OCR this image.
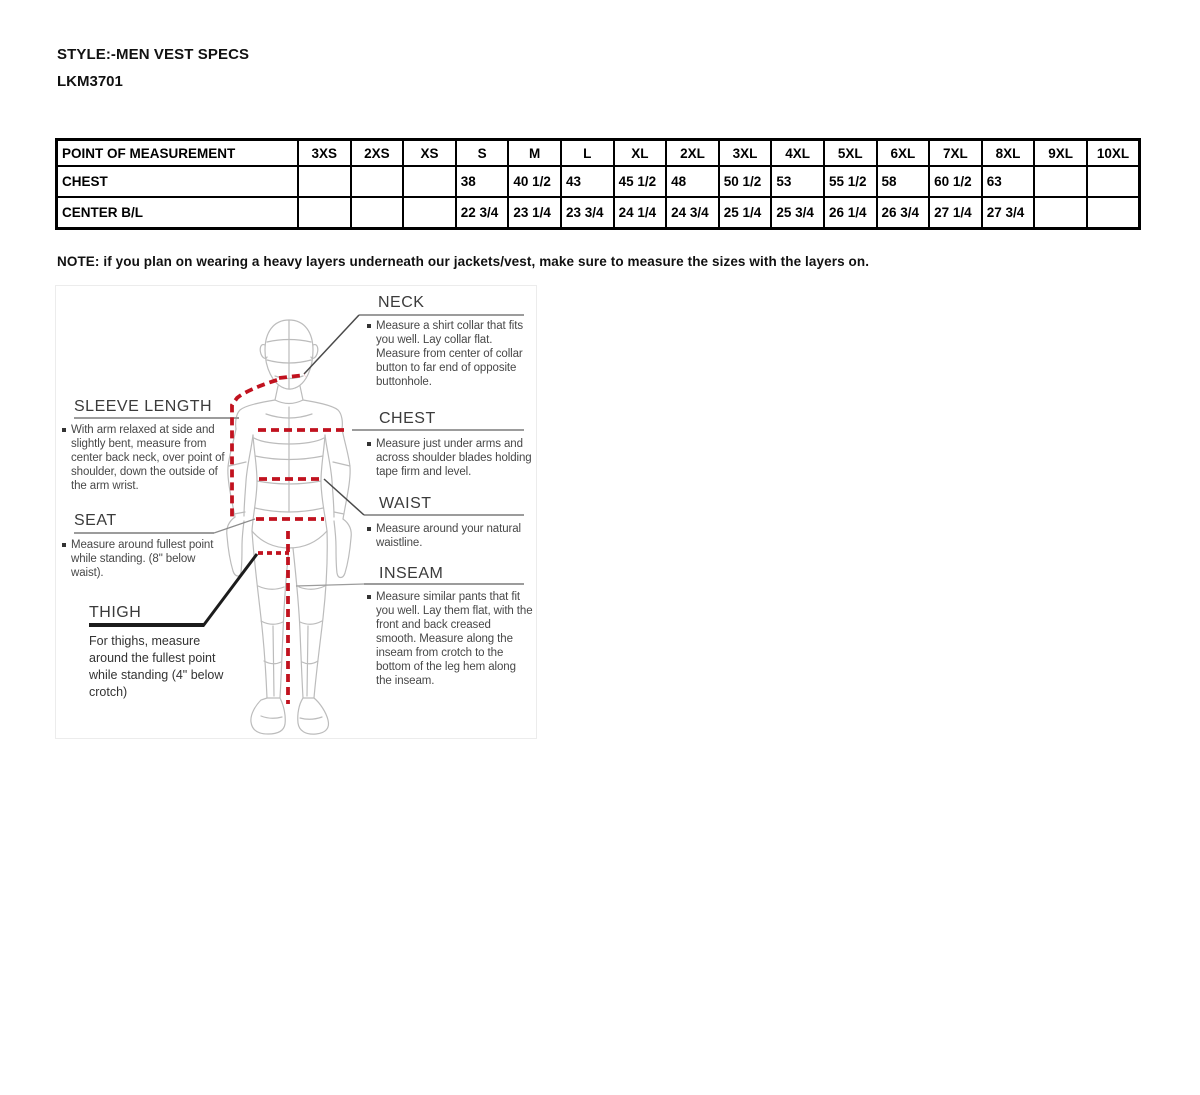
STYLE:-MEN VEST SPECS
LKM3701
POINT OF MEASUREMENT	3XS	2XS	XS	S	M	L	XL	2XL	3XL	4XL	5XL	6XL	7XL	8XL	9XL	10XL
CHEST				38	40 1/2	43	45 1/2	48	50 1/2	53	55 1/2	58	60 1/2	63		
CENTER B/L				22 3/4	23 1/4	23 3/4	24 1/4	24 3/4	25 1/4	25 3/4	26 1/4	26 3/4	27 1/4	27 3/4		
NOTE: if you plan on wearing a heavy layers underneath our jackets/vest, make sure to measure the sizes with the layers on.
NECK
Measure a shirt collar that fits you well. Lay collar flat. Measure from center of collar button to far end of opposite buttonhole.
SLEEVE LENGTH
With arm relaxed at side and slightly bent, measure from center back neck, over point of shoulder, down the outside of the arm wrist.
CHEST
Measure just under arms and across shoulder blades holding tape firm and level.
WAIST
Measure around your natural waistline.
SEAT
Measure around fullest point while standing. (8" below waist).
THIGH
For thighs, measure around the fullest point while standing (4" below crotch)
INSEAM
Measure similar pants that fit you well. Lay them flat, with the front and back creased smooth. Measure along the inseam from crotch to the bottom of the leg hem along the inseam.
